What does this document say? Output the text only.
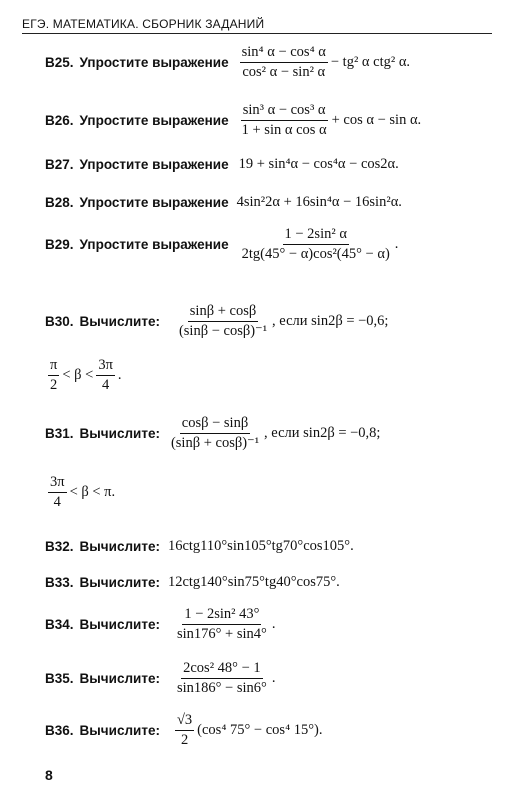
ЕГЭ. МАТЕМАТИКА. СБОРНИК ЗАДАНИЙ
В25. Упростите выражение $\frac{\text{sin⁴ α − cos⁴ α}}{\text{cos² α − sin² α}} - tg^2$ α ctg² α.
В26. Упростите выражение $\frac{\text{sin³ α − cos³ α}}{\text{1 + sin α cos α}} + \cos \alpha - \sin \alpha$.
В27. Упростите выражение 19 + sin⁴α − cos⁴α − cos2α.
В28. Упростите выражение 4sin²2α + 16sin⁴α − 16sin²α.
В29. Упростите выражение $\frac{\text{1 − 2sin² α}}{\text{2tg(45° − α)cos²(45° − α)}}$ .
В30. Вычислите: $\frac{\sin\beta + \cos\beta}{\text{(sinβ − cosβ)⁻¹}}$ , если sin2β = −0,6;
$\frac{\pi}{2} < \beta < \frac{3\pi}{4}$ .
В31. Вычислите: $\frac{\cos\beta - \sin\beta}{\text{(sinβ + cosβ)⁻¹}}$ , если sin2β = −0,8;
$\frac{3\pi}{4} < \beta < \pi$.
В32. Вычислите: 16ctg110°sin105°tg70°cos105°.
В33. Вычислите: 12ctg140°sin75°tg40°cos75°.
В34. Вычислите: $\frac{\text{1 − 2sin² 43°}}{\sin 176^\circ + \sin 4^\circ}$ .
В35. Вычислите: $\frac{\text{2cos² 48° − 1}}{\sin 186^\circ - \sin 6^\circ}$ .
В36. Вычислите: $\frac{√3}{2} (\cos^4$ 75° − cos⁴ 15°).
8
